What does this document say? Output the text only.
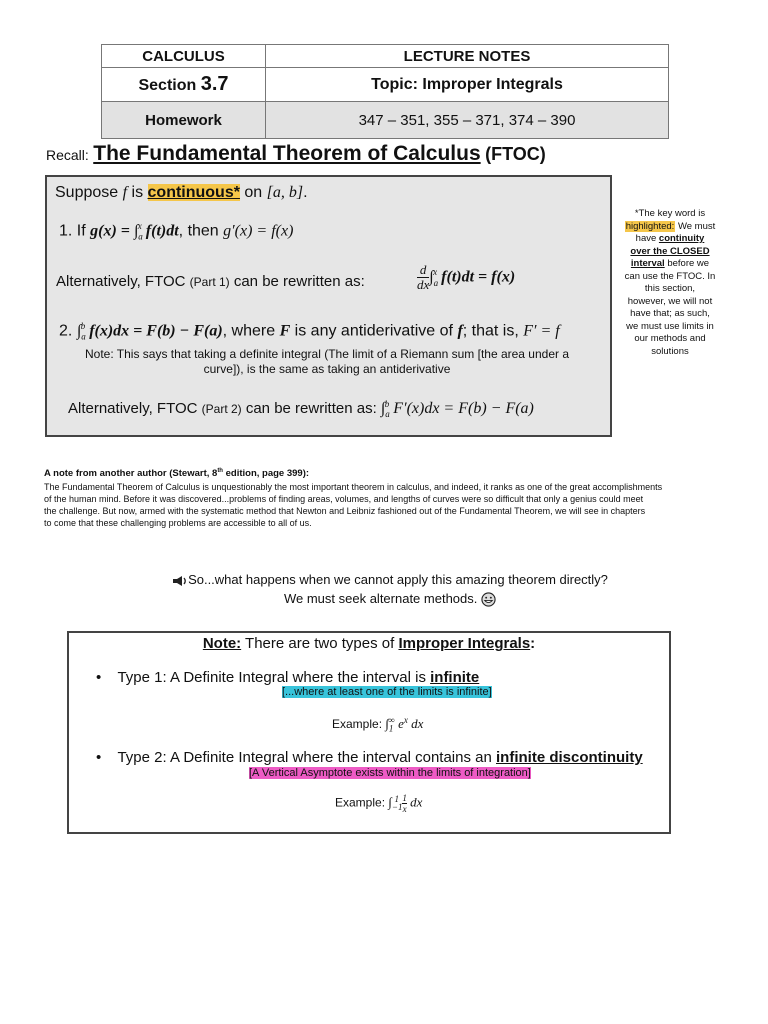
CALCULUS	LECTURE NOTES
Section 3.7	Topic: Improper Integrals
Homework	347 – 351, 355 – 371, 374 – 390
Recall: The Fundamental Theorem of Calculus (FTOC)
Suppose f is continuous* on [a, b].
1. If $g(x) = \int_a^x$ f(t)dt, then g′(x) = f(x)
Alternatively, FTOC (Part 1) can be rewritten as:	$\frac{d}{dx} \int_a^x$ f(t)dt = f(x)
2. $\int_a^b$ f(x)dx = F(b) − F(a), where F is any antiderivative of f; that is, F′ = f
Note: This says that taking a definite integral (The limit of a Riemann sum [the area under a
curve]), is the same as taking an antiderivative
Alternatively, FTOC (Part 2) can be rewritten as: $\int_a^b$ F′(x)dx = F(b) − F(a)
*The key word is
highlighted: We must
have continuity
over the CLOSED
interval before we
can use the FTOC. In
this section,
however, we will not
have that; as such,
we must use limits in
our methods and
solutions
A note from another author (Stewart, 8th edition, page 399):
The Fundamental Theorem of Calculus is unquestionably the most important theorem in calculus, and indeed, it ranks as one of the great accomplishments
of the human mind. Before it was discovered...problems of finding areas, volumes, and lengths of curves were so difficult that only a genius could meet
the challenge. But now, armed with the systematic method that Newton and Leibniz fashioned out of the Fundamental Theorem, we will see in chapters
to come that these challenging problems are accessible to all of us.
So...what happens when we cannot apply this amazing theorem directly?
We must seek alternate methods.
Note: There are two types of Improper Integrals:
• Type 1: A Definite Integral where the interval is infinite
[...where at least one of the limits is infinite]
Example: $\int_1^\infty$ $e^x$ dx
• Type 2: A Definite Integral where the interval contains an infinite discontinuity
[A Vertical Asymptote exists within the limits of integration]
Example: $\int_{-1}^1 \frac{1}{x}$ dx
